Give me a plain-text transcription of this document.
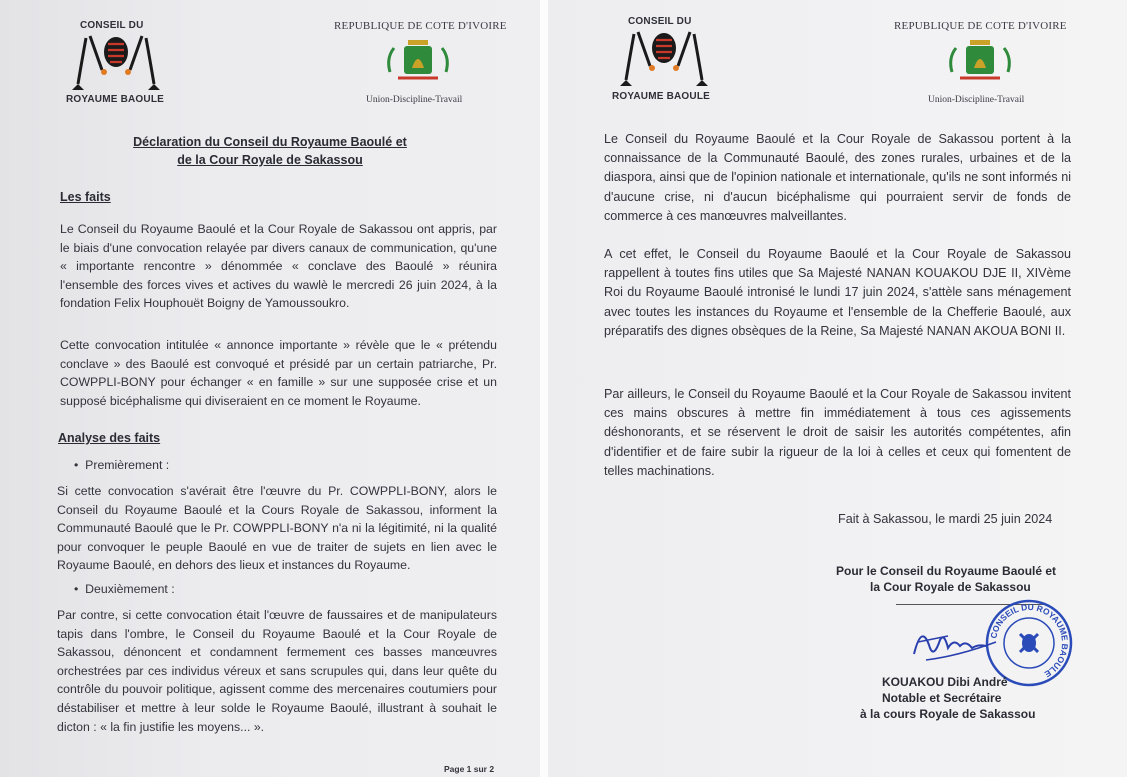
CONSEIL DU
ROYAUME BAOULE
REPUBLIQUE DE COTE D'IVOIRE
Union-Discipline-Travail
Déclaration du Conseil du Royaume Baoulé et
de la Cour Royale de Sakassou
Les faits

Le Conseil du Royaume Baoulé et la Cour Royale de Sakassou ont appris, par le biais d'une convocation relayée par divers canaux de communication, qu'une « importante rencontre » dénommée « conclave des Baoulé » réunira l'ensemble des forces vives et actives du wawlè le mercredi 26 juin 2024, à la fondation Felix Houphouët Boigny de Yamoussoukro.

Cette convocation intitulée « annonce importante » révèle que le « prétendu conclave » des Baoulé est convoqué et présidé par un certain patriarche, Pr. COWPPLI-BONY pour échanger « en famille » sur une supposée crise et un supposé bicéphalisme qui diviseraient en ce moment le Royaume.

Analyse des faits
•  Premièrement :

Si cette convocation s'avérait être l'œuvre du Pr. COWPPLI-BONY, alors le Conseil du Royaume Baoulé et la Cours Royale de Sakassou, informent la Communauté Baoulé que le Pr. COWPPLI-BONY n'a ni la légitimité, ni la qualité pour convoquer le peuple Baoulé en vue de traiter de sujets en lien avec le Royaume Baoulé, en dehors des lieux et instances du Royaume.

•  Deuxièmement :

Par contre, si cette convocation était l'œuvre de faussaires et de manipulateurs tapis dans l'ombre, le Conseil du Royaume Baoulé et la Cour Royale de Sakassou, dénoncent et condamnent fermement ces basses manœuvres orchestrées par ces individus véreux et sans scrupules qui, dans leur quête du contrôle du pouvoir politique, agissent comme des mercenaires coutumiers pour déstabiliser et mettre à leur solde le Royaume Baoulé, illustrant à souhait le dicton : « la fin justifie les moyens... ».

Page 1 sur 2
CONSEIL DU
ROYAUME BAOULE
REPUBLIQUE DE COTE D'IVOIRE
Union-Discipline-Travail

Le Conseil du Royaume Baoulé et la Cour Royale de Sakassou portent à la connaissance de la Communauté Baoulé, des zones rurales, urbaines et de la diaspora, ainsi que de l'opinion nationale et internationale, qu'ils ne sont informés ni d'aucune crise, ni d'aucun bicéphalisme qui pourraient servir de fonds de commerce à ces manœuvres malveillantes.

A cet effet, le Conseil du Royaume Baoulé et la Cour Royale de Sakassou rappellent à toutes fins utiles que Sa Majesté NANAN KOUAKOU DJE II, XIVème Roi du Royaume Baoulé intronisé le lundi 17 juin 2024, s'attèle sans ménagement avec toutes les instances du Royaume et l'ensemble de la Chefferie Baoulé, aux préparatifs des dignes obsèques de la Reine, Sa Majesté NANAN AKOUA BONI II.

Par ailleurs, le Conseil du Royaume Baoulé et la Cour Royale de Sakassou invitent ces mains obscures à mettre fin immédiatement à tous ces agissements déshonorants, et se réservent le droit de saisir les autorités compétentes, afin d'identifier et de faire subir la rigueur de la loi à celles et ceux qui fomentent de telles machinations.

Fait à Sakassou, le mardi 25 juin 2024
Pour le Conseil du Royaume Baoulé et
la Cour Royale de Sakassou
CONSEIL DU ROYAUME BAOULE
KOUAKOU Dibi André
Notable et Secrétaire
à la cours Royale de Sakassou
